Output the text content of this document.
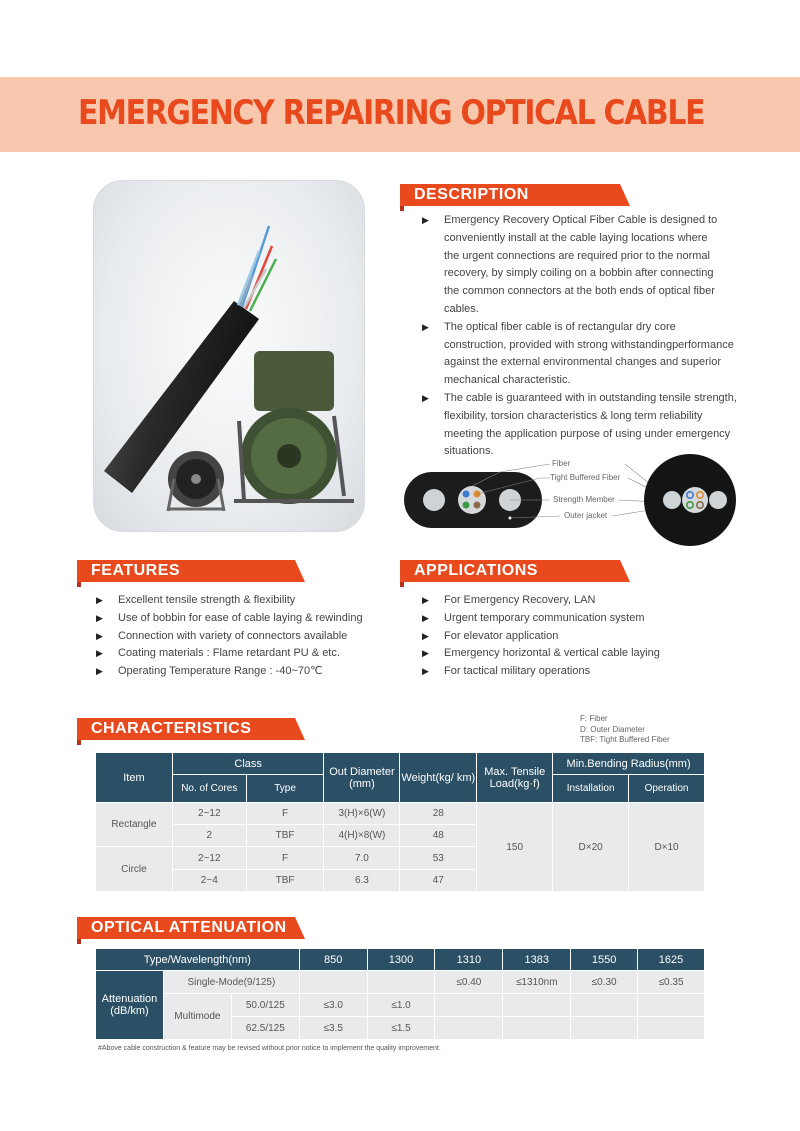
EMERGENCY REPAIRING OPTICAL CABLE
DESCRIPTION
▶ Emergency Recovery Optical Fiber Cable is designed to
conveniently install at the cable laying locations where
the urgent connections are required prior to the normal
recovery, by simply coiling on a bobbin after connecting
the common connectors at the both ends of optical fiber
cables.
▶ The optical fiber cable is of rectangular dry core
construction, provided with strong withstandingperformance
against the external environmental changes and superior
mechanical characteristic.
▶ The cable is guaranteed with in outstanding tensile strength,
flexibility, torsion characteristics & long term reliability
meeting the application purpose of using under emergency
situations.
Fiber
Tight Buffered Fiber
Strength Member
Outer jacket
FEATURES
▶ Excellent tensile strength & flexibility
▶ Use of bobbin for ease of cable laying & rewinding
▶ Connection with variety of connectors available
▶ Coating materials : Flame retardant PU & etc.
▶ Operating Temperature Range : -40~70℃
APPLICATIONS
▶ For Emergency Recovery, LAN
▶ Urgent temporary communication system
▶ For elevator application
▶ Emergency horizontal & vertical cable laying
▶ For tactical military operations
CHARACTERISTICS
F: Fiber
D: Outer Diameter
TBF: Tight Buffered Fiber
Item	Class		Out Diameter (mm)	Weight(kg/ km)	Max. Tensile Load(kg·f)	Min.Bending Radius(mm)	
	No. of Cores	Type				Installation	Operation
Rectangle	2~12	F	3(H)×6(W)	28	150	D×20	D×10
	2	TBF	4(H)×8(W)	48			
Circle	2~12	F	7.0	53			
	2~4	TBF	6.3	47			
OPTICAL ATTENUATION
Type/Wavelength(nm)			850	1300	1310	1383	1550	1625
Attenuation (dB/km)	Single-Mode(9/125)				≤0.40	≤1310nm	≤0.30	≤0.35
	Multimode	50.0/125	≤3.0	≤1.0				
		62.5/125	≤3.5	≤1.5				
#Above cable construction & feature may be revised without prior notice to implement the quality improvement.
